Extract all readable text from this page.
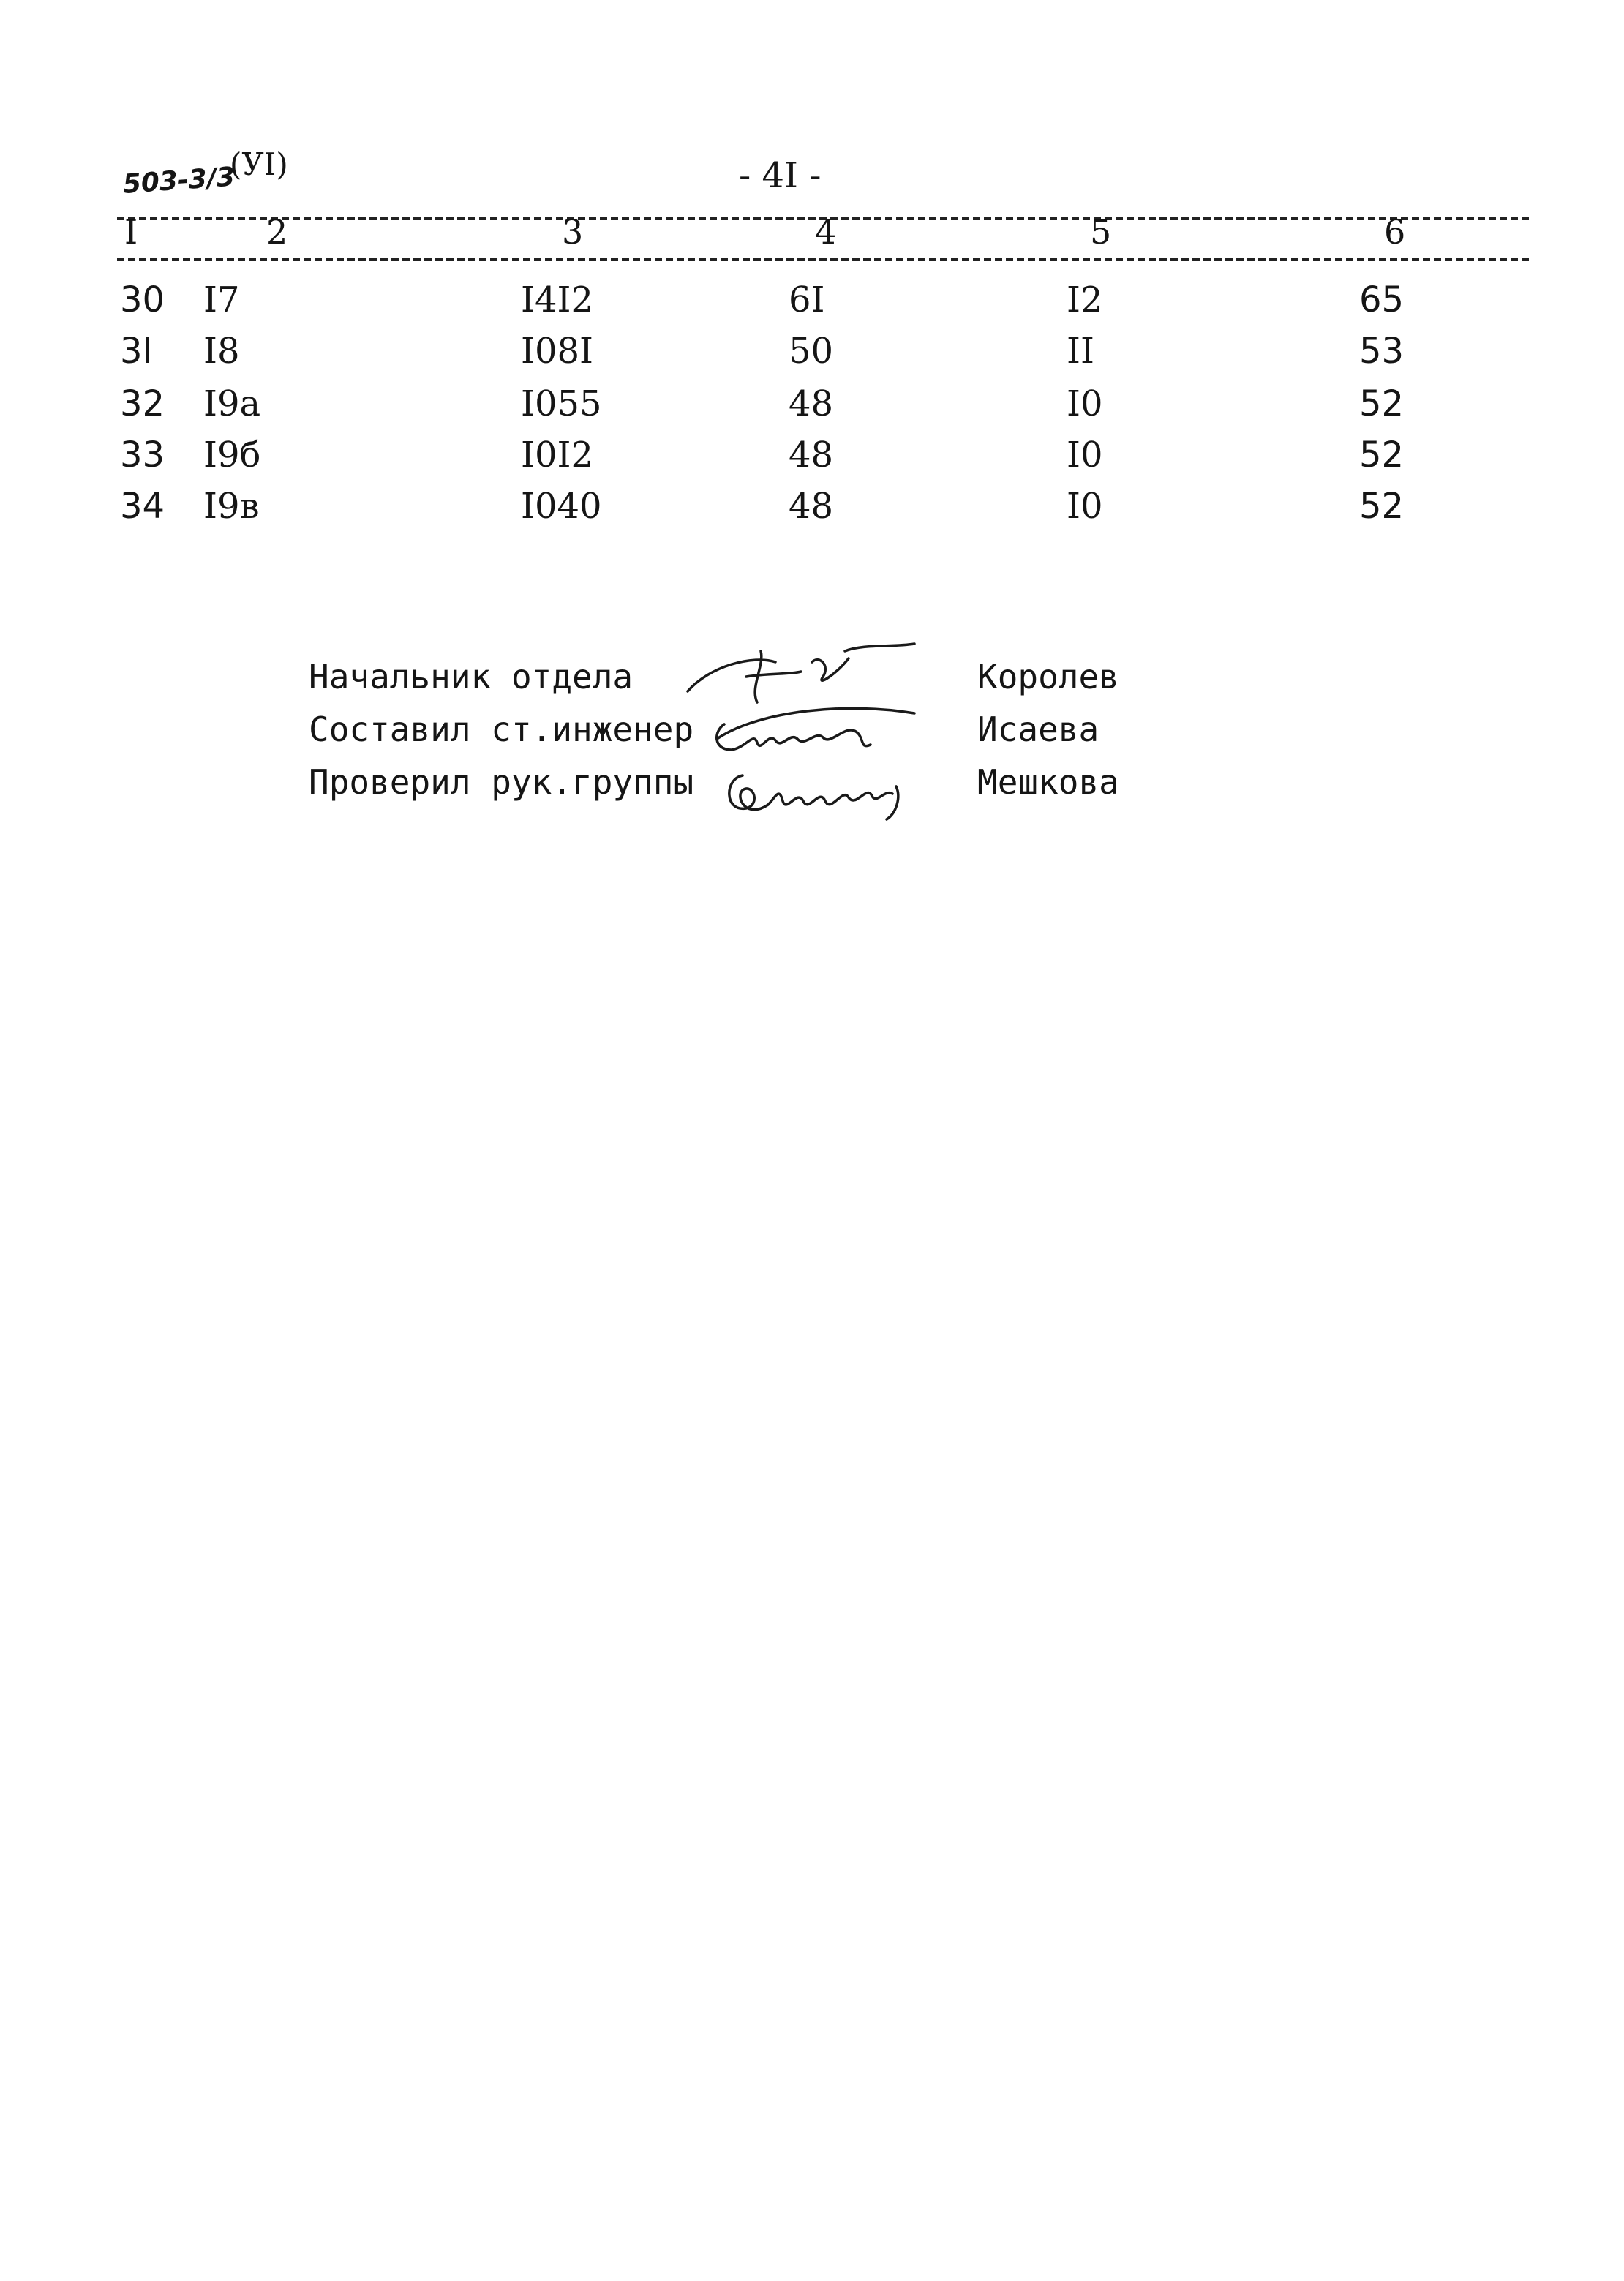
(УI)
503-3/3	- 4I -
I	2	3	4	5	6
30 I7	I4I2	6I	I2	65
3I I8	I08I	50	II	53
32 I9a	I055	48	I0	52
33 I9б	I0I2	48	I0	52
34 I9в	I040	48	I0	52
Начальник отдела	Королев
Составил ст.инженер	Исаева
Проверил рук.группы	Мешкова
